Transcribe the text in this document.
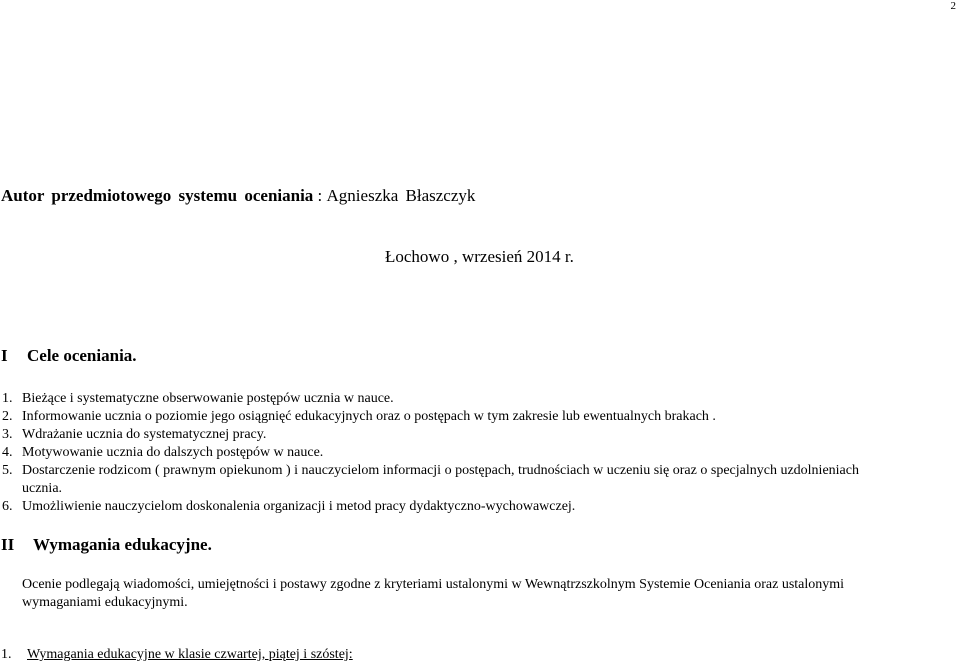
2
Autor przedmiotowego systemu oceniania : Agnieszka Błaszczyk
Łochowo , wrzesień 2014 r.
I Cele oceniania.
1. Bieżące i systematyczne obserwowanie postępów ucznia w nauce.
2. Informowanie ucznia o poziomie jego osiągnięć edukacyjnych oraz o postępach w tym zakresie lub ewentualnych brakach .
3. Wdrażanie ucznia do systematycznej pracy.
4. Motywowanie ucznia do dalszych postępów w nauce.
5. Dostarczenie rodzicom ( prawnym opiekunom ) i nauczycielom informacji o postępach, trudnościach w uczeniu się oraz o specjalnych uzdolnieniach
ucznia.
6. Umożliwienie nauczycielom doskonalenia organizacji i metod pracy dydaktyczno-wychowawczej.
II Wymagania edukacyjne.
Ocenie podlegają wiadomości, umiejętności i postawy zgodne z kryteriami ustalonymi w Wewnątrzszkolnym Systemie Oceniania oraz ustalonymi
wymaganiami edukacyjnymi.
1. Wymagania edukacyjne w klasie czwartej, piątej i szóstej:
